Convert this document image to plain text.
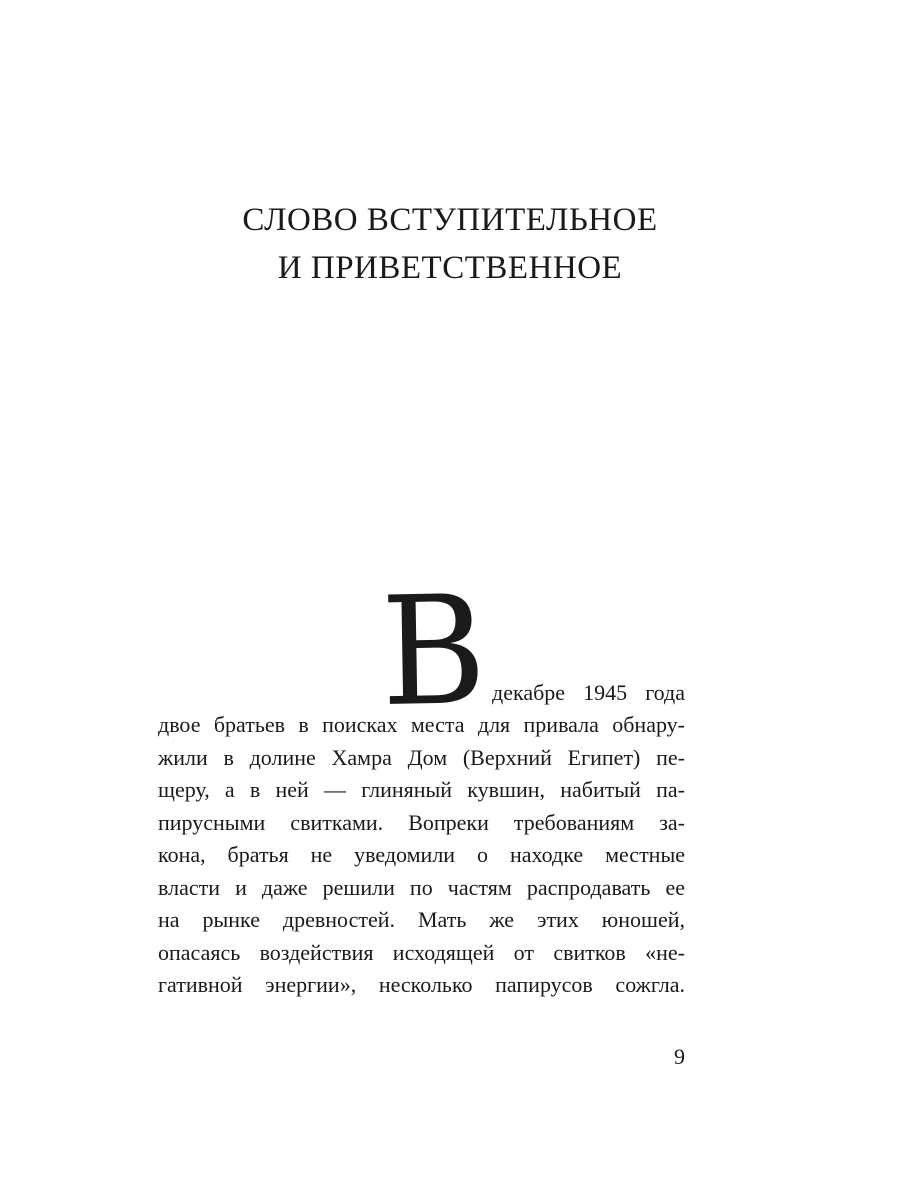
СЛОВО ВСТУПИТЕЛЬНОЕ
И ПРИВЕТСТВЕННОЕ
В декабре 1945 года
двое братьев в поисках места для привала обнару-
жили в долине Хамра Дом (Верхний Египет) пе-
щеру, а в ней — глиняный кувшин, набитый па-
пирусными свитками. Вопреки требованиям за-
кона, братья не уведомили о находке местные
власти и даже решили по частям распродавать ее
на рынке древностей. Мать же этих юношей,
опасаясь воздействия исходящей от свитков «не-
гативной энергии», несколько папирусов сожгла.
9
